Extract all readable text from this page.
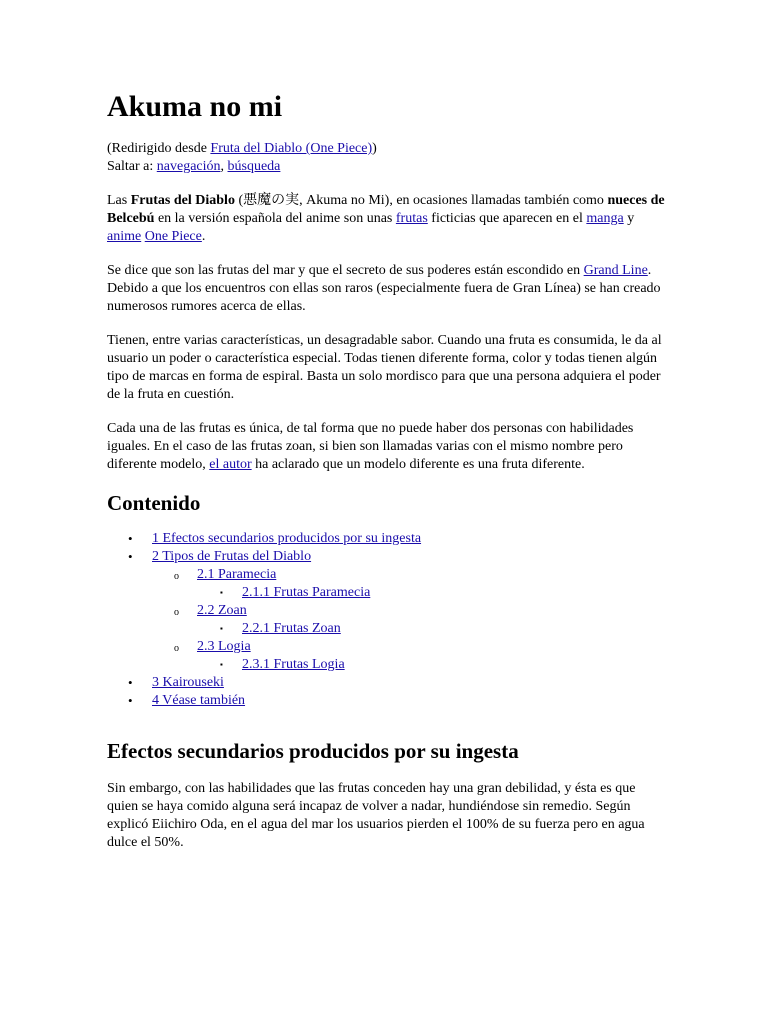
Akuma no mi

(Redirigido desde Fruta del Diablo (One Piece))

Saltar a: navegación, búsqueda

Las Frutas del Diablo (悪魔の実, Akuma no Mi), en ocasiones llamadas también como nueces de Belcebú en la versión española del anime son unas frutas ficticias que aparecen en el manga y anime One Piece.

Se dice que son las frutas del mar y que el secreto de sus poderes están escondido en Grand Line. Debido a que los encuentros con ellas son raros (especialmente fuera de Gran Línea) se han creado numerosos rumores acerca de ellas.

Tienen, entre varias características, un desagradable sabor. Cuando una fruta es consumida, le da al usuario un poder o característica especial. Todas tienen diferente forma, color y todas tienen algún tipo de marcas en forma de espiral. Basta un solo mordisco para que una persona adquiera el poder de la fruta en cuestión.

Cada una de las frutas es única, de tal forma que no puede haber dos personas con habilidades iguales. En el caso de las frutas zoan, si bien son llamadas varias con el mismo nombre pero diferente modelo, el autor ha aclarado que un modelo diferente es una fruta diferente.

Contenido
• 1 Efectos secundarios producidos por su ingesta
• 2 Tipos de Frutas del Diablo
o 2.1 Paramecia
▪ 2.1.1 Frutas Paramecia
o 2.2 Zoan
▪ 2.2.1 Frutas Zoan
o 2.3 Logia
▪ 2.3.1 Frutas Logia
• 3 Kairouseki
• 4 Véase también
Efectos secundarios producidos por su ingesta

Sin embargo, con las habilidades que las frutas conceden hay una gran debilidad, y ésta es que quien se haya comido alguna será incapaz de volver a nadar, hundiéndose sin remedio. Según explicó Eiichiro Oda, en el agua del mar los usuarios pierden el 100% de su fuerza pero en agua dulce el 50%.
